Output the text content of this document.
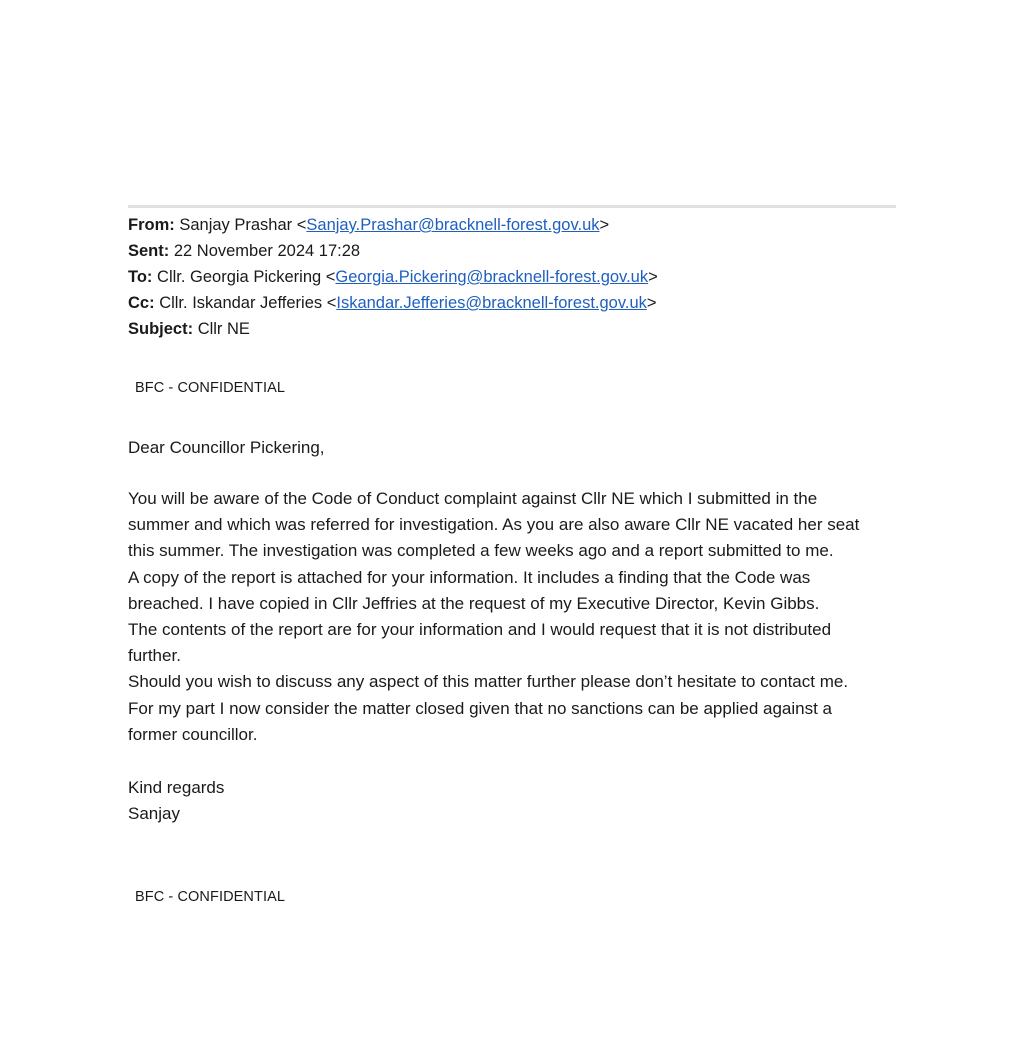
From: Sanjay Prashar <Sanjay.Prashar@bracknell-forest.gov.uk>
Sent: 22 November 2024 17:28
To: Cllr. Georgia Pickering <Georgia.Pickering@bracknell-forest.gov.uk>
Cc: Cllr. Iskandar Jefferies <Iskandar.Jefferies@bracknell-forest.gov.uk>
Subject: Cllr NE
BFC - CONFIDENTIAL
Dear Councillor Pickering,
You will be aware of the Code of Conduct complaint against Cllr NE which I submitted in the
summer and which was referred for investigation. As you are also aware Cllr NE vacated her seat
this summer. The investigation was completed a few weeks ago and a report submitted to me.
A copy of the report is attached for your information. It includes a finding that the Code was
breached. I have copied in Cllr Jeffries at the request of my Executive Director, Kevin Gibbs.
The contents of the report are for your information and I would request that it is not distributed
further.
Should you wish to discuss any aspect of this matter further please don’t hesitate to contact me.
For my part I now consider the matter closed given that no sanctions can be applied against a
former councillor.
Kind regards
Sanjay
BFC - CONFIDENTIAL
